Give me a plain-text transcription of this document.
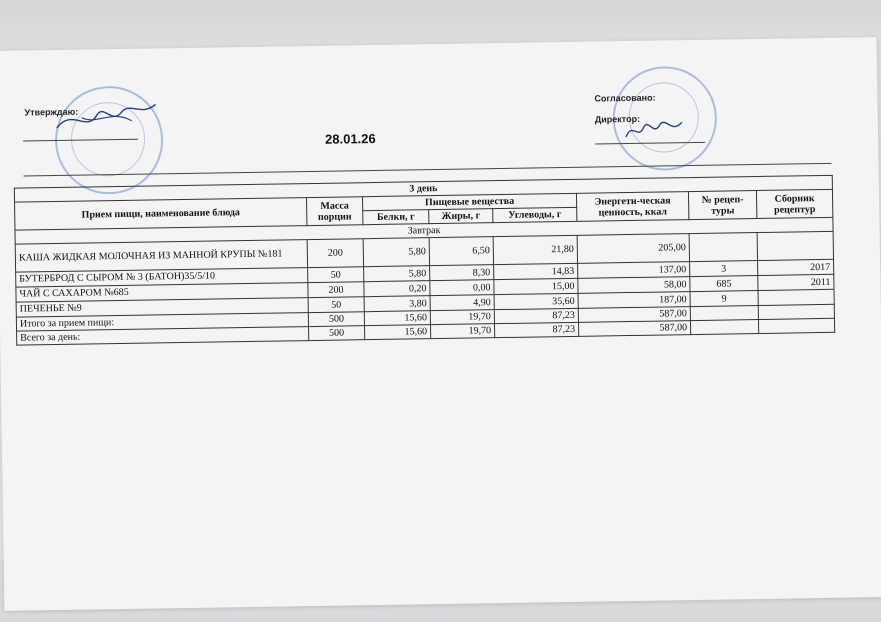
Утверждаю:
28.01.26
Согласовано:
Директор:
3 день							
Прием пищи, наименование блюда	Масса порции	Пищевые вещества			Энергети-ческая ценность, ккал	№ рецеп-туры	Сборник рецептур
		Белки, г	Жиры, г	Углеводы, г			
Завтрак							
КАША ЖИДКАЯ МОЛОЧНАЯ ИЗ МАННОЙ КРУПЫ №181	200	5,80	6,50	21,80	205,00		
БУТЕРБРОД С СЫРОМ № 3 (БАТОН)35/5/10	50	5,80	8,30	14,83	137,00	3	2017
ЧАЙ С САХАРОМ №685	200	0,20	0,00	15,00	58,00	685	2011
ПЕЧЕНЬЕ №9	50	3,80	4,90	35,60	187,00	9	
Итого за прием пищи:	500	15,60	19,70	87,23	587,00		
Всего за день:	500	15,60	19,70	87,23	587,00		
